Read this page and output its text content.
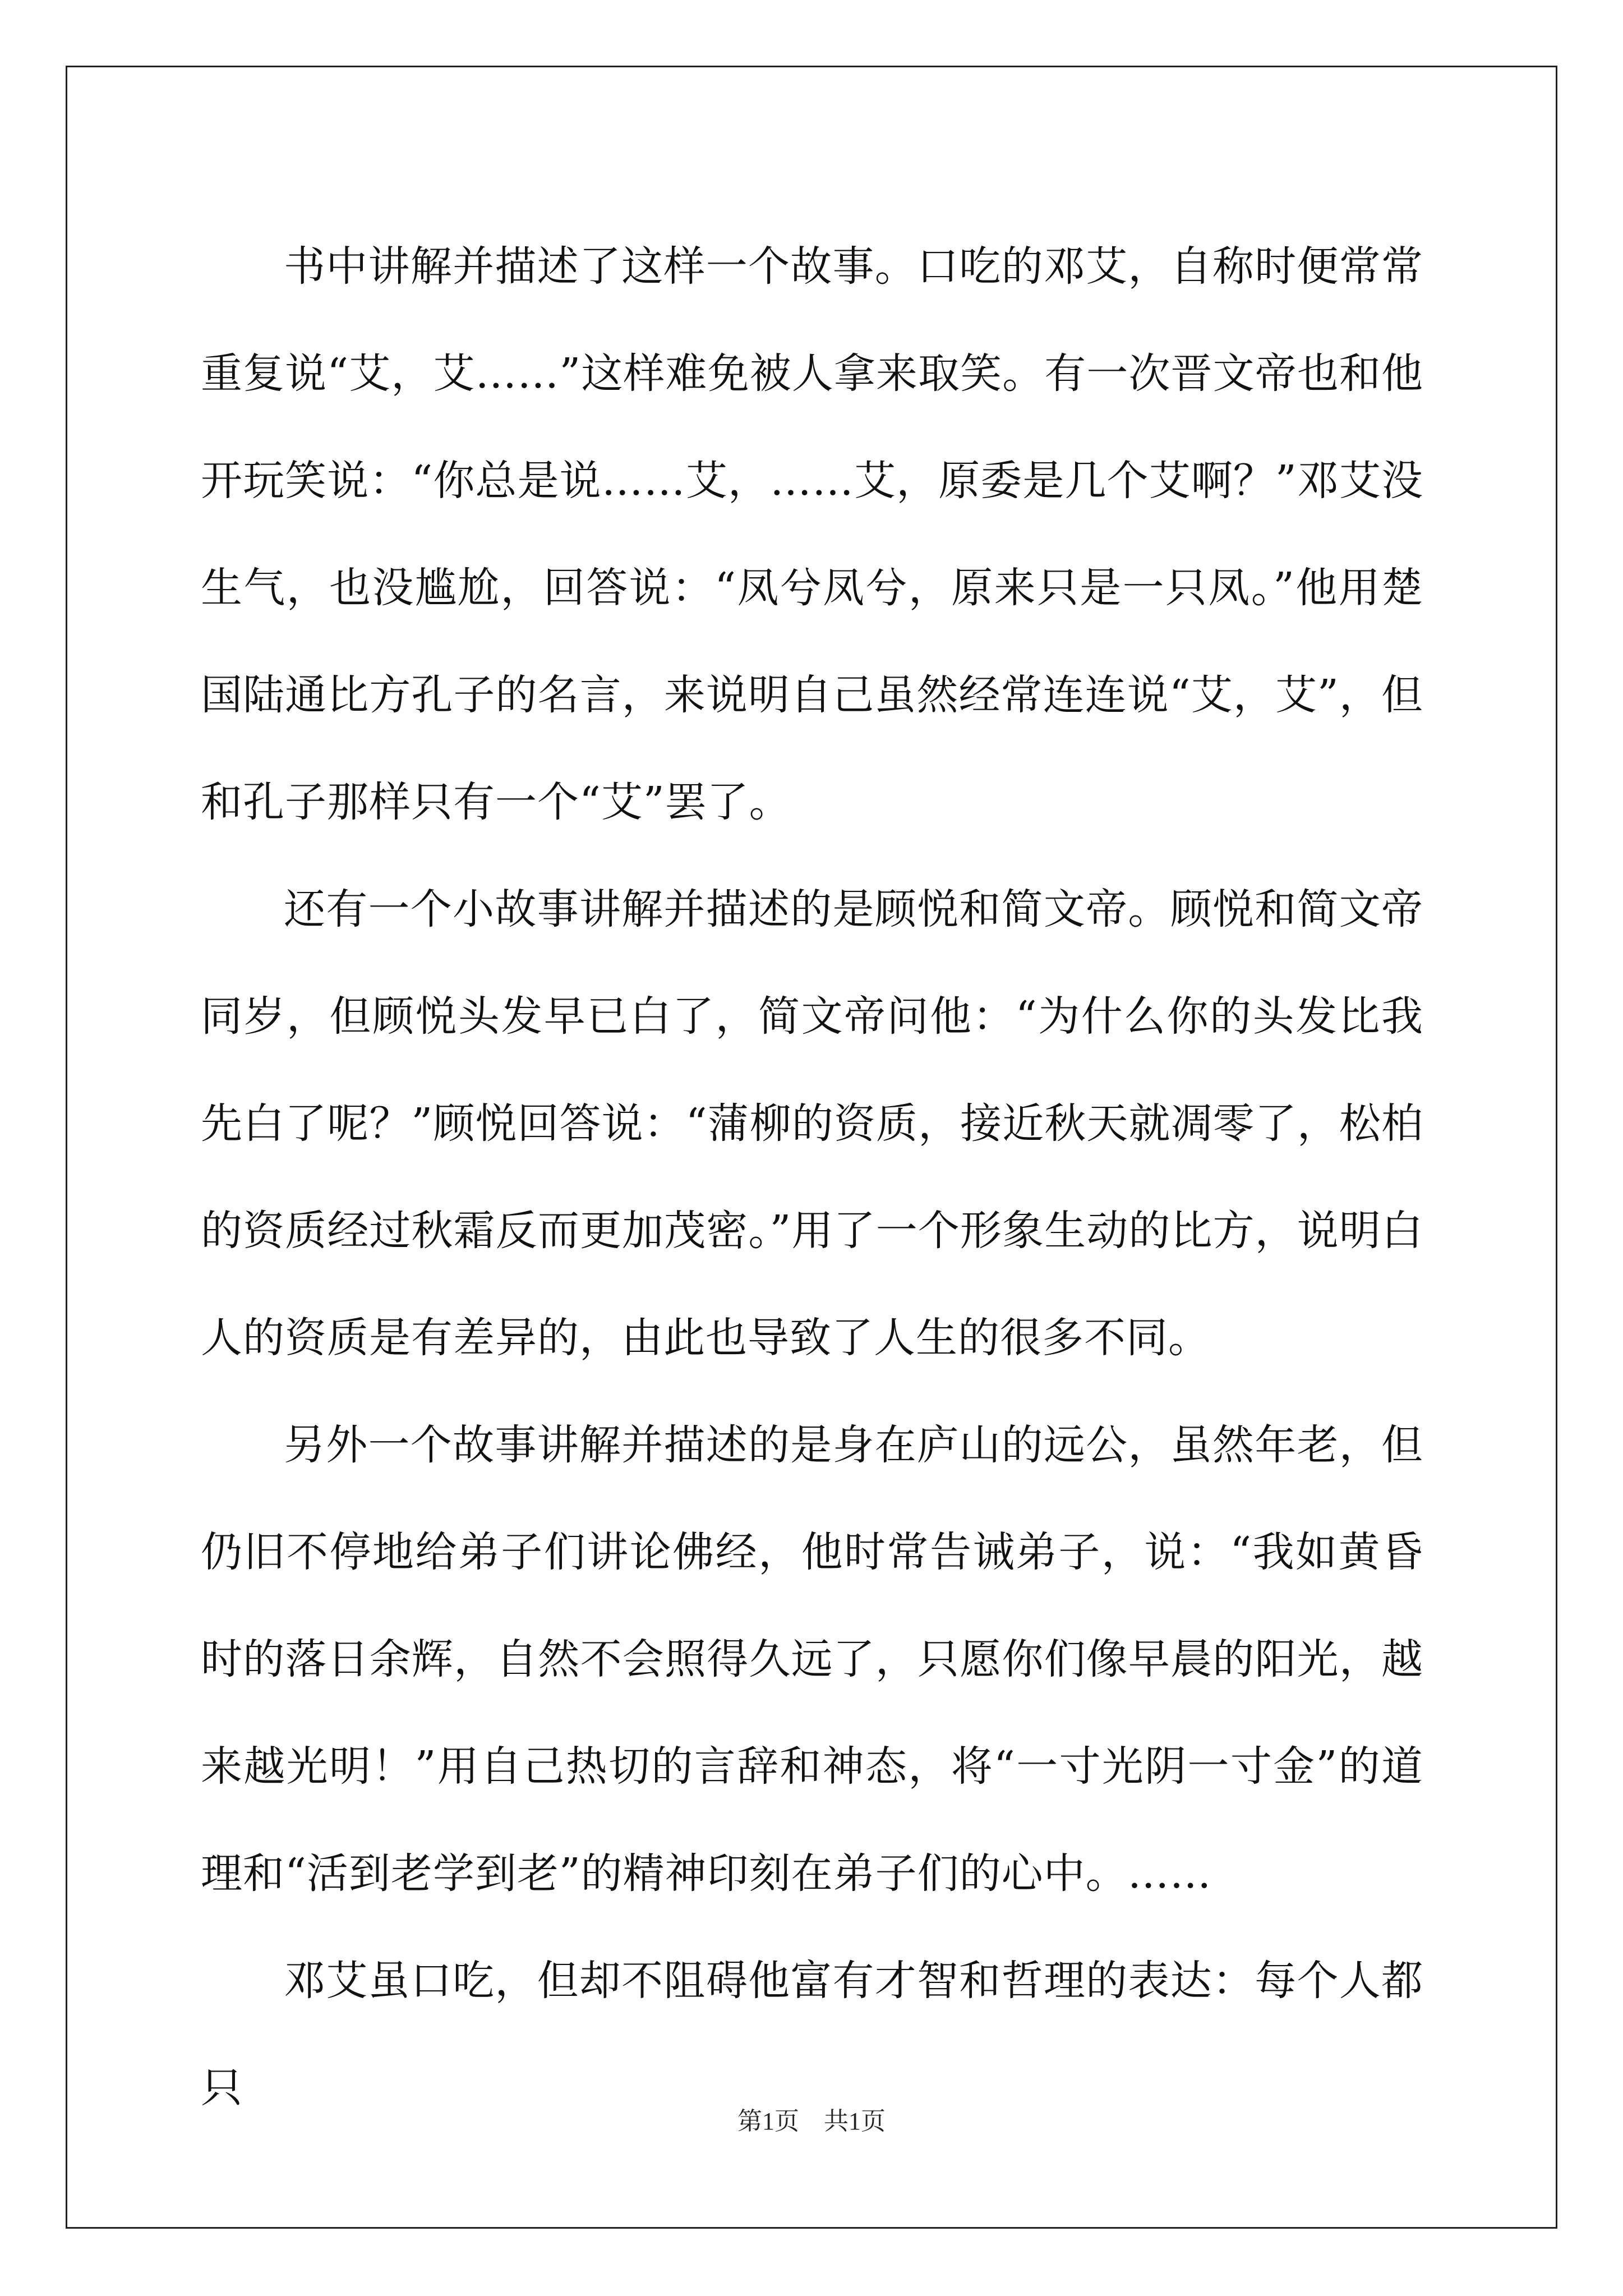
书中讲解并描述了这样一个故事。口吃的邓艾，自称时便常常重复说“艾，艾……”这样难免被人拿来取笑。有一次晋文帝也和他开玩笑说：“你总是说……艾，……艾，原委是几个艾啊？”邓艾没生气，也没尴尬，回答说：“凤兮凤兮，原来只是一只凤。”他用楚国陆通比方孔子的名言，来说明自己虽然经常连连说“艾，艾”，但和孔子那样只有一个“艾”罢了。

还有一个小故事讲解并描述的是顾悦和简文帝。顾悦和简文帝同岁，但顾悦头发早已白了，简文帝问他：“为什么你的头发比我先白了呢？”顾悦回答说：“蒲柳的资质，接近秋天就凋零了，松柏的资质经过秋霜反而更加茂密。”用了一个形象生动的比方，说明白人的资质是有差异的，由此也导致了人生的很多不同。

另外一个故事讲解并描述的是身在庐山的远公，虽然年老，但仍旧不停地给弟子们讲论佛经，他时常告诫弟子，说：“我如黄昏时的落日余辉，自然不会照得久远了，只愿你们像早晨的阳光，越来越光明！”用自己热切的言辞和神态，将“一寸光阴一寸金”的道理和“活到老学到老”的精神印刻在弟子们的心中。……

邓艾虽口吃，但却不阻碍他富有才智和哲理的表达：每个人都只

第1页 共1页
